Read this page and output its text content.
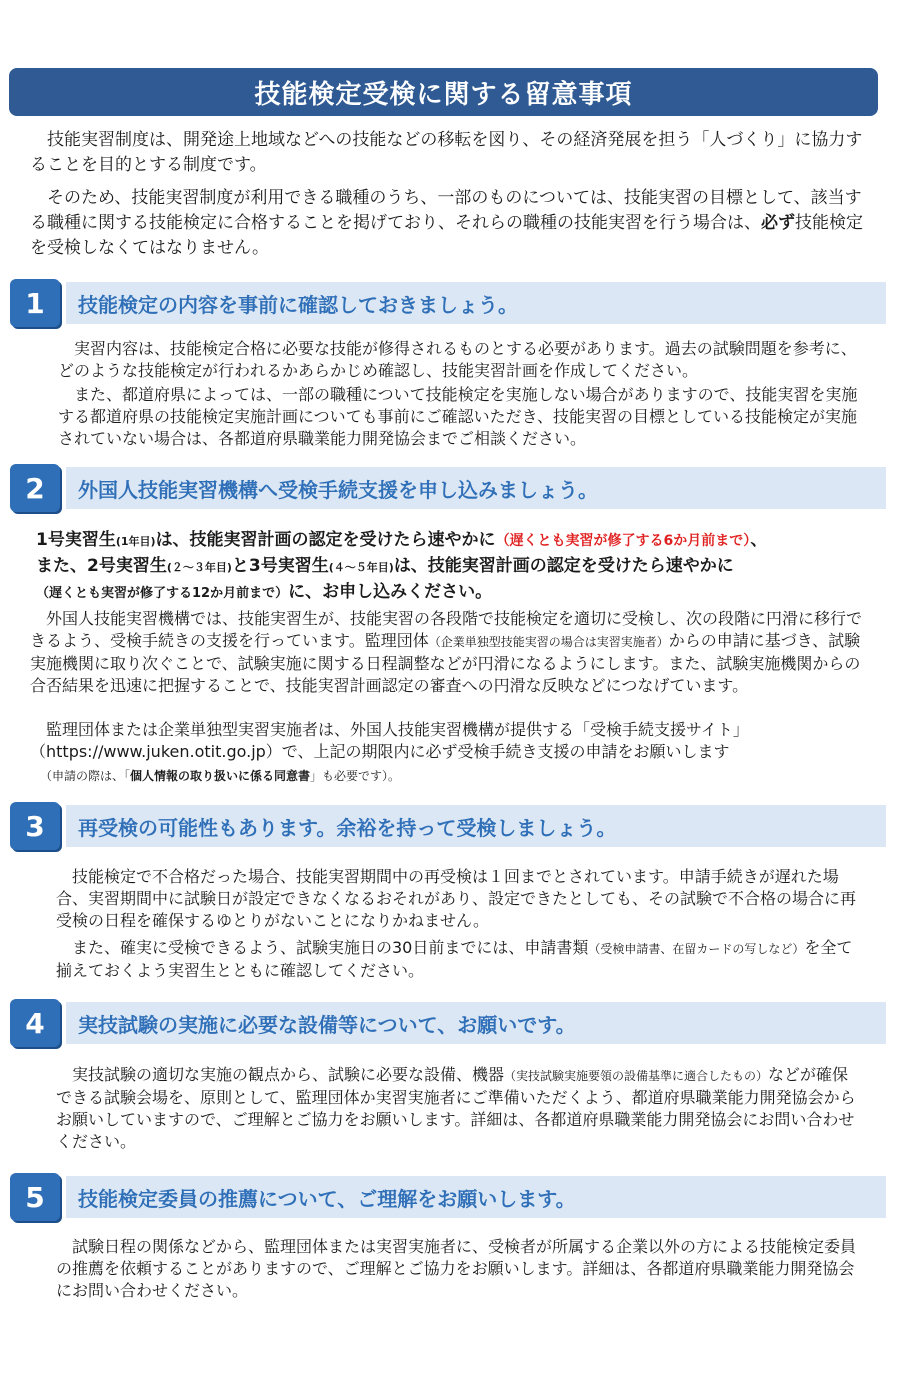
技能検定受検に関する留意事項
技能実習制度は、開発途上地域などへの技能などの移転を図り、その経済発展を担う「人づくり」に協力することを目的とする制度です。
そのため、技能実習制度が利用できる職種のうち、一部のものについては、技能実習の目標として、該当する職種に関する技能検定に合格することを掲げており、それらの職種の技能実習を行う場合は、必ず技能検定を受検しなくてはなりません。
1	技能検定の内容を事前に確認しておきましょう。
実習内容は、技能検定合格に必要な技能が修得されるものとする必要があります。過去の試験問題を参考に、どのような技能検定が行われるかあらかじめ確認し、技能実習計画を作成してください。
また、都道府県によっては、一部の職種について技能検定を実施しない場合がありますので、技能実習を実施する都道府県の技能検定実施計画についても事前にご確認いただき、技能実習の目標としている技能検定が実施されていない場合は、各都道府県職業能力開発協会までご相談ください。
2	外国人技能実習機構へ受検手続支援を申し込みましょう。
1号実習生(1年目)は、技能実習計画の認定を受けたら速やかに（遅くとも実習が修了する6か月前まで）、
また、2号実習生(２～３年目)と3号実習生(４～５年目)は、技能実習計画の認定を受けたら速やかに
（遅くとも実習が修了する12か月前まで）に、お申し込みください。
外国人技能実習機構では、技能実習生が、技能実習の各段階で技能検定を適切に受検し、次の段階に円滑に移行できるよう、受検手続きの支援を行っています。監理団体（企業単独型技能実習の場合は実習実施者）からの申請に基づき、試験実施機関に取り次ぐことで、試験実施に関する日程調整などが円滑になるようにします。また、試験実施機関からの合否結果を迅速に把握することで、技能実習計画認定の審査への円滑な反映などにつなげています。
監理団体または企業単独型実習実施者は、外国人技能実習機構が提供する「受検手続支援サイト」（https://www.juken.otit.go.jp）で、上記の期限内に必ず受検手続き支援の申請をお願いします
（申請の際は、「個人情報の取り扱いに係る同意書」も必要です）。
3	再受検の可能性もあります。余裕を持って受検しましょう。
技能検定で不合格だった場合、技能実習期間中の再受検は１回までとされています。申請手続きが遅れた場合、実習期間中に試験日が設定できなくなるおそれがあり、設定できたとしても、その試験で不合格の場合に再受検の日程を確保するゆとりがないことになりかねません。
また、確実に受検できるよう、試験実施日の30日前までには、申請書類（受検申請書、在留カードの写しなど）を全て揃えておくよう実習生とともに確認してください。
4	実技試験の実施に必要な設備等について、お願いです。
実技試験の適切な実施の観点から、試験に必要な設備、機器（実技試験実施要領の設備基準に適合したもの）などが確保できる試験会場を、原則として、監理団体か実習実施者にご準備いただくよう、都道府県職業能力開発協会からお願いしていますので、ご理解とご協力をお願いします。詳細は、各都道府県職業能力開発協会にお問い合わせください。
5	技能検定委員の推薦について、ご理解をお願いします。
試験日程の関係などから、監理団体または実習実施者に、受検者が所属する企業以外の方による技能検定委員の推薦を依頼することがありますので、ご理解とご協力をお願いします。詳細は、各都道府県職業能力開発協会にお問い合わせください。
